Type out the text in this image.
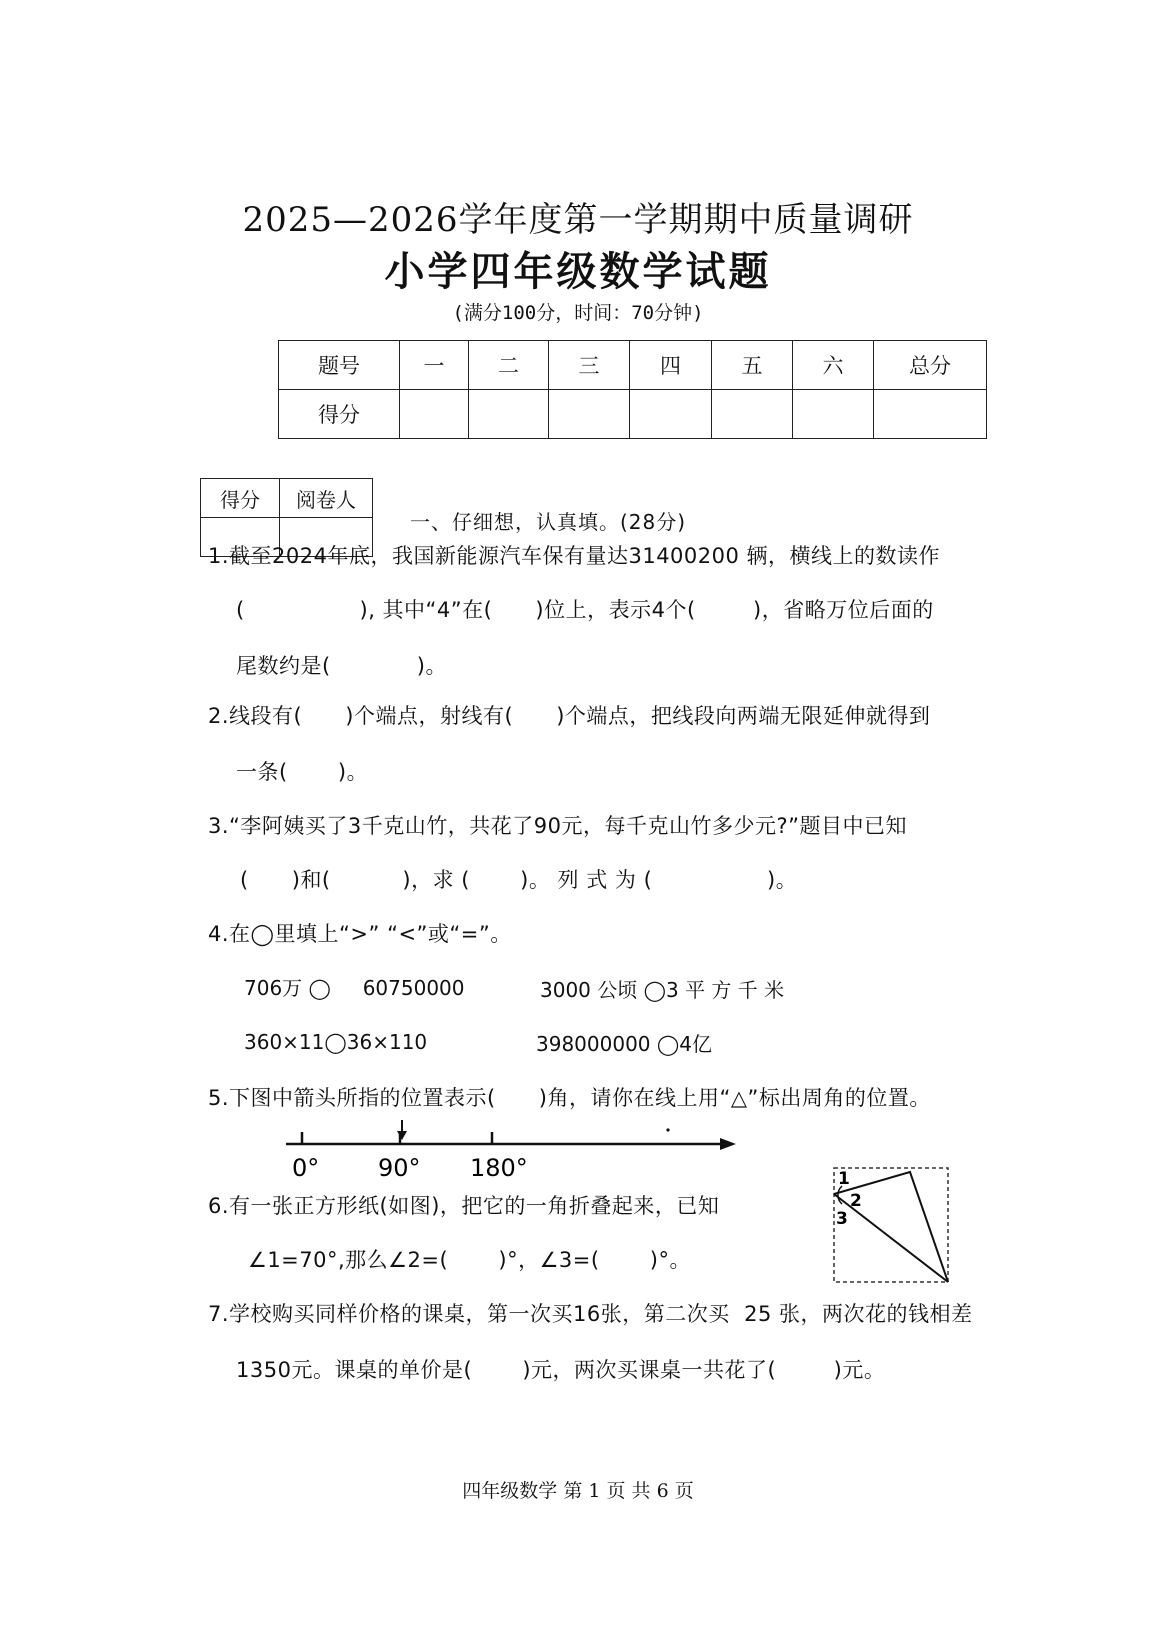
2025—2026学年度第一学期期中质量调研
小学四年级数学试题
(满分100分，时间：70分钟)
题号	一	二	三	四	五	六	总分
得分							
得分	阅卷人

一、仔细想，认真填。(28分)
1.截至2024年底，我国新能源汽车保有量达31400200 辆，横线上的数读作
(                ), 其中“4”在(      )位上，表示4个(        )，省略万位后面的
尾数约是(            )。
2.线段有(      )个端点，射线有(      )个端点，把线段向两端无限延伸就得到
一条(       )。
3.“李阿姨买了3千克山竹，共花了90元，每千克山竹多少元?”题目中已知
(      )和(          )，求 (       )。 列 式 为 (                )。
4.在◯里填上“>” “<”或“=”。
706万 ◯     60750000	3000 公顷 ◯3 平 方 千 米
360×11◯36×110	398000000 ◯4亿
5.下图中箭头所指的位置表示(      )角，请你在线上用“△”标出周角的位置。
0° 90° 180°
6.有一张正方形纸(如图)，把它的一角折叠起来，已知
∠1=70°,那么∠2=(       )°，∠3=(       )°。
1
2
3
7.学校购买同样价格的课桌，第一次买16张，第二次买  25 张，两次花的钱相差
1350元。课桌的单价是(       )元，两次买课桌一共花了(        )元。
四年级数学 第 1 页 共 6 页
